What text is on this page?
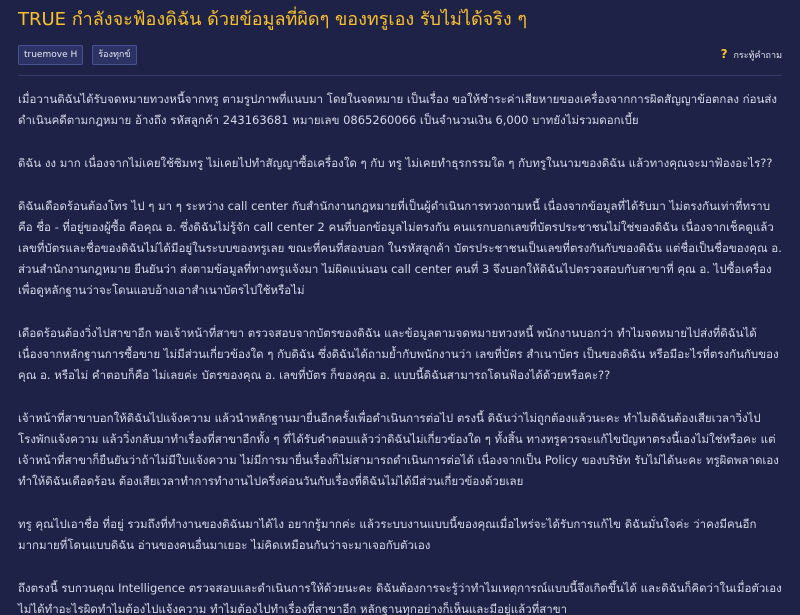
TRUE กำลังจะฟ้องดิฉัน ด้วยข้อมูลที่ผิดๆ ของทรูเอง รับไม่ได้จริง ๆ
truemove H ร้องทุกข์	? กระทู้คำถาม

เมื่อวานดิฉันได้รับจดหมายทวงหนี้จากทรู ตามรูปภาพที่แนบมา โดยในจดหมาย เป็นเรื่อง ขอให้ชำระค่าเสียหายของเครื่องจากการผิดสัญญาข้อตกลง ก่อนส่งดำเนินคดีตามกฎหมาย อ้างถึง รหัสลูกค้า 243163681 หมายเลข 0865260066 เป็นจำนวนเงิน 6,000 บาทยังไม่รวมดอกเบี้ย

ดิฉัน งง มาก เนื่องจากไม่เคยใช้ซิมทรู ไม่เคยไปทำสัญญาซื้อเครื่องใด ๆ กับ ทรู ไม่เคยทำธุรกรรมใด ๆ กับทรูในนามของดิฉัน แล้วทางคุณจะมาฟ้องอะไร??

ดิฉันเดือดร้อนต้องโทร ไป ๆ มา ๆ ระหว่าง call center กับสำนักงานกฎหมายที่เป็นผู้ดำเนินการทวงถามหนี้ เนื่องจากข้อมูลที่ได้รับมา ไม่ตรงกันเท่าที่ทราบคือ ชื่อ - ที่อยู่ของผู้ซื้อ คือคุณ อ. ซึ่งดิฉันไม่รู้จัก call center 2 คนที่บอกข้อมูลไม่ตรงกัน คนแรกบอกเลขที่บัตรประชาชนไม่ใช่ของดิฉัน เนื่องจากเช็คดูแล้ว เลขที่บัตรและชื่อของดิฉันไม่ได้มีอยู่ในระบบของทรูเลย ขณะที่คนที่สองบอก ในรหัสลูกค้า บัตรประชาชนเป็นเลขที่ตรงกันกับของดิฉัน แต่ชื่อเป็นชื่อของคุณ อ. ส่วนสำนักงานกฎหมาย ยืนยันว่า ส่งตามข้อมูลที่ทางทรูแจ้งมา ไม่ผิดแน่นอน call center คนที่ 3 จึงบอกให้ดิฉันไปตรวจสอบกับสาขาที่ คุณ อ. ไปซื้อเครื่อง เพื่อดูหลักฐานว่าจะโดนแอบอ้างเอาสำเนาบัตรไปใช้หรือไม่

เดือดร้อนต้องวิ่งไปสาขาอีก พอเจ้าหน้าที่สาขา ตรวจสอบจากบัตรของดิฉัน และข้อมูลตามจดหมายทวงหนี้ พนักงานบอกว่า ทำไมจดหมายไปส่งที่ดิฉันได้ เนื่องจากหลักฐานการซื้อขาย ไม่มีส่วนเกี่ยวข้องใด ๆ กับดิฉัน ซึ่งดิฉันได้ถามย้ำกับพนักงานว่า เลขที่บัตร สำเนาบัตร เป็นของดิฉัน หรือมีอะไรที่ตรงกันกับของคุณ อ. หรือไม่ คำตอบก็คือ ไม่เลยค่ะ บัตรของคุณ อ. เลขที่บัตร ก็ของคุณ อ. แบบนี้ดิฉันสามารถโดนฟ้องได้ด้วยหรือคะ??

เจ้าหน้าที่สาขาบอกให้ดิฉันไปแจ้งความ แล้วนำหลักฐานมายื่นอีกครั้งเพื่อดำเนินการต่อไป ตรงนี้ ดิฉันว่าไม่ถูกต้องแล้วนะคะ ทำไมดิฉันต้องเสียเวลาวิ่งไป โรงพักแจ้งความ แล้ววิ่งกลับมาทำเรื่องที่สาขาอีกทั้ง ๆ ที่ได้รับคำตอบแล้วว่าดิฉันไม่เกี่ยวข้องใด ๆ ทั้งสิ้น ทางทรูควรจะแก้ไขปัญหาตรงนี้เองไม่ใช่หรือคะ แต่เจ้าหน้าที่สาขาก็ยืนยันว่าถ้าไม่มีใบแจ้งความ ไม่มีการมายื่นเรื่องก็ไม่สามารถดำเนินการต่อได้ เนื่องจากเป็น Policy ของบริษัท รับไม่ได้นะคะ ทรูผิดพลาดเองทำให้ดิฉันเดือดร้อน ต้องเสียเวลาทำการทำงานไปครึ่งค่อนวันกับเรื่องที่ดิฉันไม่ได้มีส่วนเกี่ยวข้องด้วยเลย

ทรู คุณไปเอาชื่อ ที่อยู่ รวมถึงที่ทำงานของดิฉันมาได้ไง อยากรู้มากค่ะ แล้วระบบงานแบบนี้ของคุณเมื่อไหร่จะได้รับการแก้ไข ดิฉันมั่นใจค่ะ ว่าคงมีคนอีกมากมายที่โดนแบบดิฉัน อ่านของคนอื่นมาเยอะ ไม่คิดเหมือนกันว่าจะมาเจอกับตัวเอง

ถึงตรงนี้ รบกวนคุณ Intelligence ตรวจสอบและดำเนินการให้ด้วยนะคะ ดิฉันต้องการจะรู้ว่าทำไมเหตุการณ์แบบนี้จึงเกิดขึ้นได้ และดิฉันก็คิดว่าในเมื่อตัวเองไม่ได้ทำอะไรผิดทำไมต้องไปแจ้งความ ทำไมต้องไปทำเรื่องที่สาขาอีก หลักฐานทุกอย่างก็เห็นและมีอยู่แล้วที่สาขา
